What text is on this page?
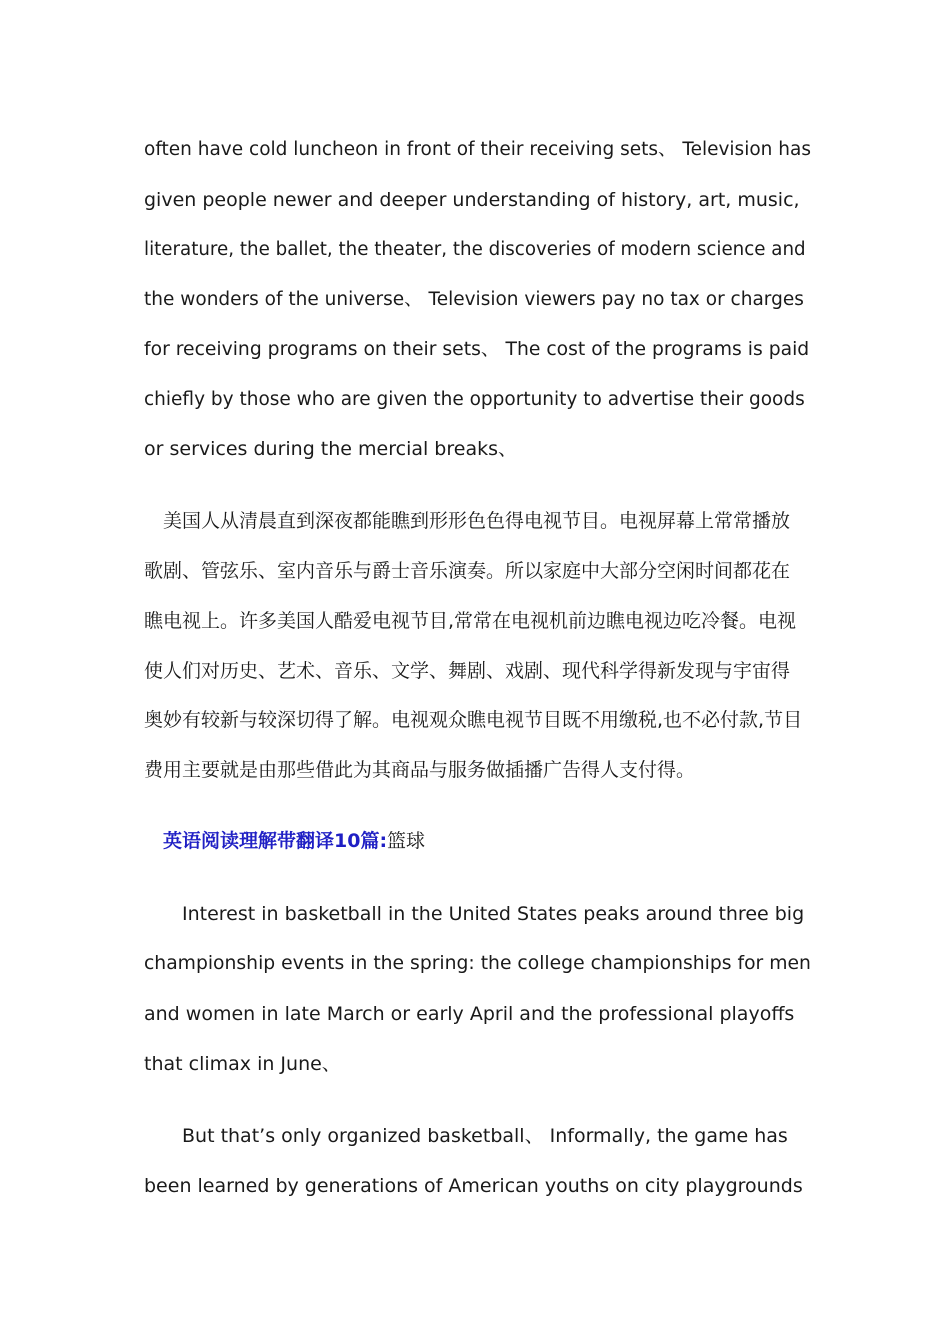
often have cold luncheon in front of their receiving sets、 Television has
given people newer and deeper understanding of history, art, music,
literature, the ballet, the theater, the discoveries of modern science and
the wonders of the universe、 Television viewers pay no tax or charges
for receiving programs on their sets、 The cost of the programs is paid
chiefly by those who are given the opportunity to advertise their goods
or services during the mercial breaks、
美国人从清晨直到深夜都能瞧到形形色色得电视节目。电视屏幕上常常播放
歌剧、管弦乐、室内音乐与爵士音乐演奏。所以家庭中大部分空闲时间都花在
瞧电视上。许多美国人酷爱电视节目,常常在电视机前边瞧电视边吃冷餐。电视
使人们对历史、艺术、音乐、文学、舞剧、戏剧、现代科学得新发现与宇宙得
奥妙有较新与较深切得了解。电视观众瞧电视节目既不用缴税,也不必付款,节目
费用主要就是由那些借此为其商品与服务做插播广告得人支付得。
英语阅读理解带翻译10篇:篮球
Interest in basketball in the United States peaks around three big
championship events in the spring: the college championships for men
and women in late March or early April and the professional playoffs
that climax in June、
But that’s only organized basketball、 Informally, the game has
been learned by generations of American youths on city playgrounds
